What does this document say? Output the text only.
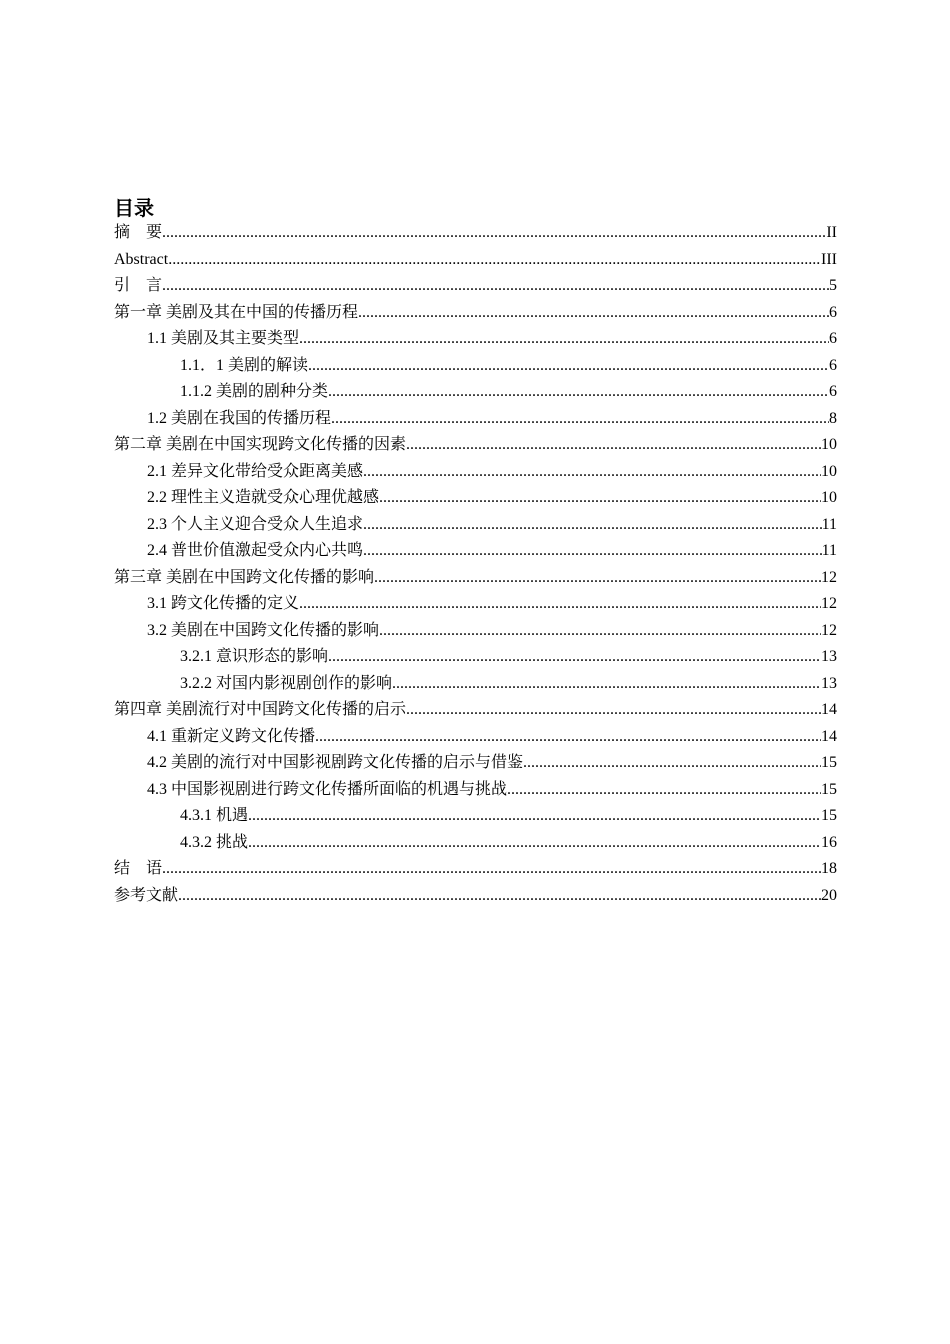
目录
摘　要 .....	II
Abstract .....	III
引　言 .....	5
第一章 美剧及其在中国的传播历程 .....	6
1.1 美剧及其主要类型 .....	6
1.1．1 美剧的解读 .....	6
1.1.2 美剧的剧种分类 .....	6
1.2 美剧在我国的传播历程 .....	8
第二章 美剧在中国实现跨文化传播的因素 .....	10
2.1 差异文化带给受众距离美感 .....	10
2.2 理性主义造就受众心理优越感 .....	10
2.3 个人主义迎合受众人生追求 .....	11
2.4 普世价值激起受众内心共鸣 .....	11
第三章 美剧在中国跨文化传播的影响 .....	12
3.1 跨文化传播的定义 .....	12
3.2 美剧在中国跨文化传播的影响 .....	12
3.2.1 意识形态的影响 .....	13
3.2.2 对国内影视剧创作的影响 .....	13
第四章 美剧流行对中国跨文化传播的启示 .....	14
4.1 重新定义跨文化传播 .....	14
4.2 美剧的流行对中国影视剧跨文化传播的启示与借鉴 .....	15
4.3 中国影视剧进行跨文化传播所面临的机遇与挑战 .....	15
4.3.1 机遇 .....	15
4.3.2 挑战 .....	16
结　语 .....	18
参考文献 .....	20
